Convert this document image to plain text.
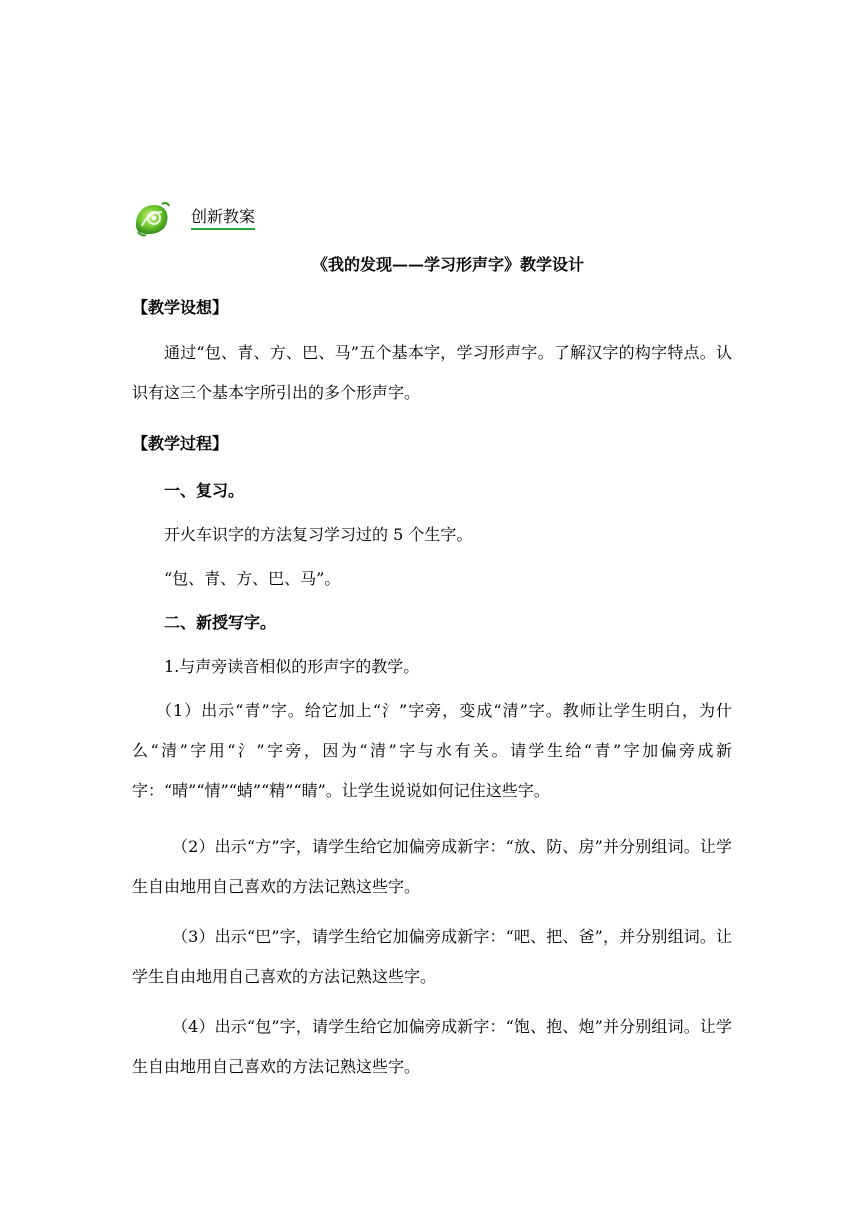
创新教案
《我的发现——学习形声字》教学设计
【教学设想】

通过“包、青、方、巴、马”五个基本字，学习形声字。了解汉字的构字特点。认识有这三个基本字所引出的多个形声字。

【教学过程】

一、复习。

开火车识字的方法复习学习过的 5 个生字。

“包、青、方、巴、马”。

二、新授写字。

1.与声旁读音相似的形声字的教学。

（1）出示“青”字。给它加上“氵”字旁，变成“清”字。教师让学生明白，为什么“清”字用“氵”字旁，因为“清”字与水有关。请学生给“青”字加偏旁成新字：“晴”“情”“蜻”“精”“睛”。让学生说说如何记住这些字。

（2）出示“方”字，请学生给它加偏旁成新字：“放、防、房”并分别组词。让学生自由地用自己喜欢的方法记熟这些字。

（3）出示“巴”字，请学生给它加偏旁成新字：“吧、把、爸”，并分别组词。让学生自由地用自己喜欢的方法记熟这些字。

（4）出示“包”字，请学生给它加偏旁成新字：“饱、抱、炮”并分别组词。让学生自由地用自己喜欢的方法记熟这些字。
